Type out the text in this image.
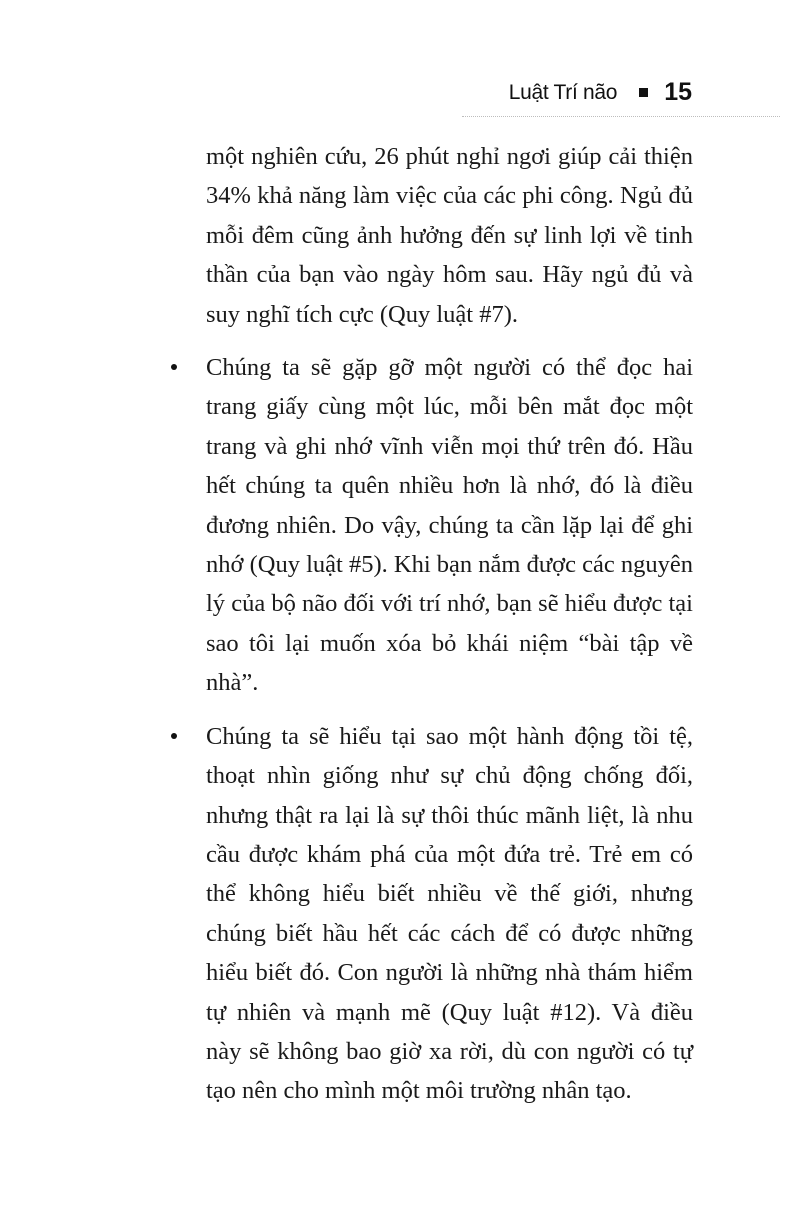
Luật Trí não 15

một nghiên cứu, 26 phút nghỉ ngơi giúp cải thiện 34% khả năng làm việc của các phi công. Ngủ đủ mỗi đêm cũng ảnh hưởng đến sự linh lợi về tinh thần của bạn vào ngày hôm sau. Hãy ngủ đủ và suy nghĩ tích cực (Quy luật #7).

Chúng ta sẽ gặp gỡ một người có thể đọc hai trang giấy cùng một lúc, mỗi bên mắt đọc một trang và ghi nhớ vĩnh viễn mọi thứ trên đó. Hầu hết chúng ta quên nhiều hơn là nhớ, đó là điều đương nhiên. Do vậy, chúng ta cần lặp lại để ghi nhớ (Quy luật #5). Khi bạn nắm được các nguyên lý của bộ não đối với trí nhớ, bạn sẽ hiểu được tại sao tôi lại muốn xóa bỏ khái niệm “bài tập về nhà”.

Chúng ta sẽ hiểu tại sao một hành động tồi tệ, thoạt nhìn giống như sự chủ động chống đối, nhưng thật ra lại là sự thôi thúc mãnh liệt, là nhu cầu được khám phá của một đứa trẻ. Trẻ em có thể không hiểu biết nhiều về thế giới, nhưng chúng biết hầu hết các cách để có được những hiểu biết đó. Con người là những nhà thám hiểm tự nhiên và mạnh mẽ (Quy luật #12). Và điều này sẽ không bao giờ xa rời, dù con người có tự tạo nên cho mình một môi trường nhân tạo.
